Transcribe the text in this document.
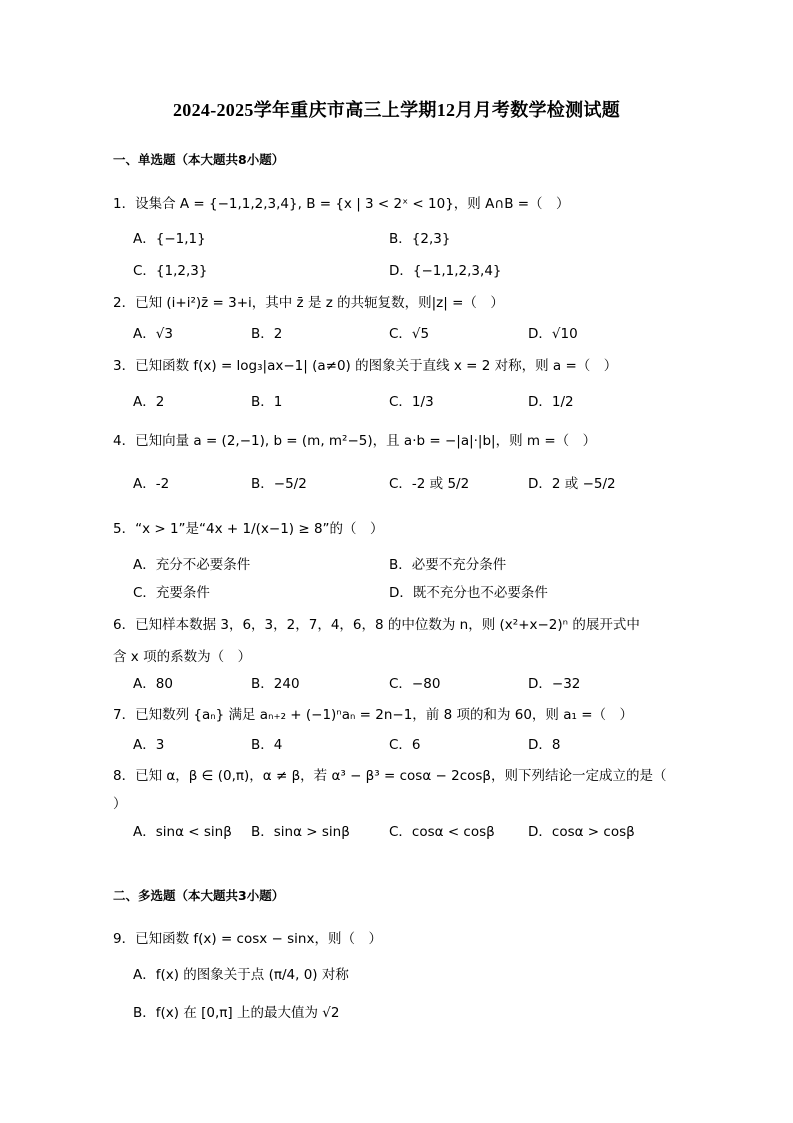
2024-2025学年重庆市高三上学期12月月考数学检测试题
一、单选题（本大题共8小题）
1．设集合 A = {−1,1,2,3,4}, B = {x | 3 < 2ˣ < 10}，则 A∩B =（　）
A．{−1,1}	B．{2,3}
C．{1,2,3}	D．{−1,1,2,3,4}
2．已知 (i+i²)z̄ = 3+i，其中 z̄ 是 z 的共轭复数，则|z| =（　）
A．√3	B．2	C．√5	D．√10
3．已知函数 f(x) = log₃|ax−1| (a≠0) 的图象关于直线 x = 2 对称，则 a =（　）
A．2	B．1	C．1/3	D．1/2
4．已知向量 a = (2,−1), b = (m, m²−5)，且 a·b = −|a|·|b|，则 m =（　）
A．-2	B．−5/2	C．-2 或 5/2	D．2 或 −5/2
5．“x > 1”是“4x + 1/(x−1) ≥ 8”的（　）
A．充分不必要条件	B．必要不充分条件
C．充要条件	D．既不充分也不必要条件
6．已知样本数据 3，6，3，2，7，4，6，8 的中位数为 n，则 (x²+x−2)ⁿ 的展开式中
含 x 项的系数为（　）
A．80	B．240	C．−80	D．−32
7．已知数列 {aₙ} 满足 aₙ₊₂ + (−1)ⁿaₙ = 2n−1，前 8 项的和为 60，则 a₁ =（　）
A．3	B．4	C．6	D．8
8．已知 α，β ∈ (0,π)，α ≠ β，若 α³ − β³ = cosα − 2cosβ，则下列结论一定成立的是（
）
A．sinα < sinβ B．sinα > sinβ	C．cosα < cosβ D．cosα > cosβ
二、多选题（本大题共3小题）
9．已知函数 f(x) = cosx − sinx，则（　）
A．f(x) 的图象关于点 (π/4, 0) 对称
B．f(x) 在 [0,π] 上的最大值为 √2
